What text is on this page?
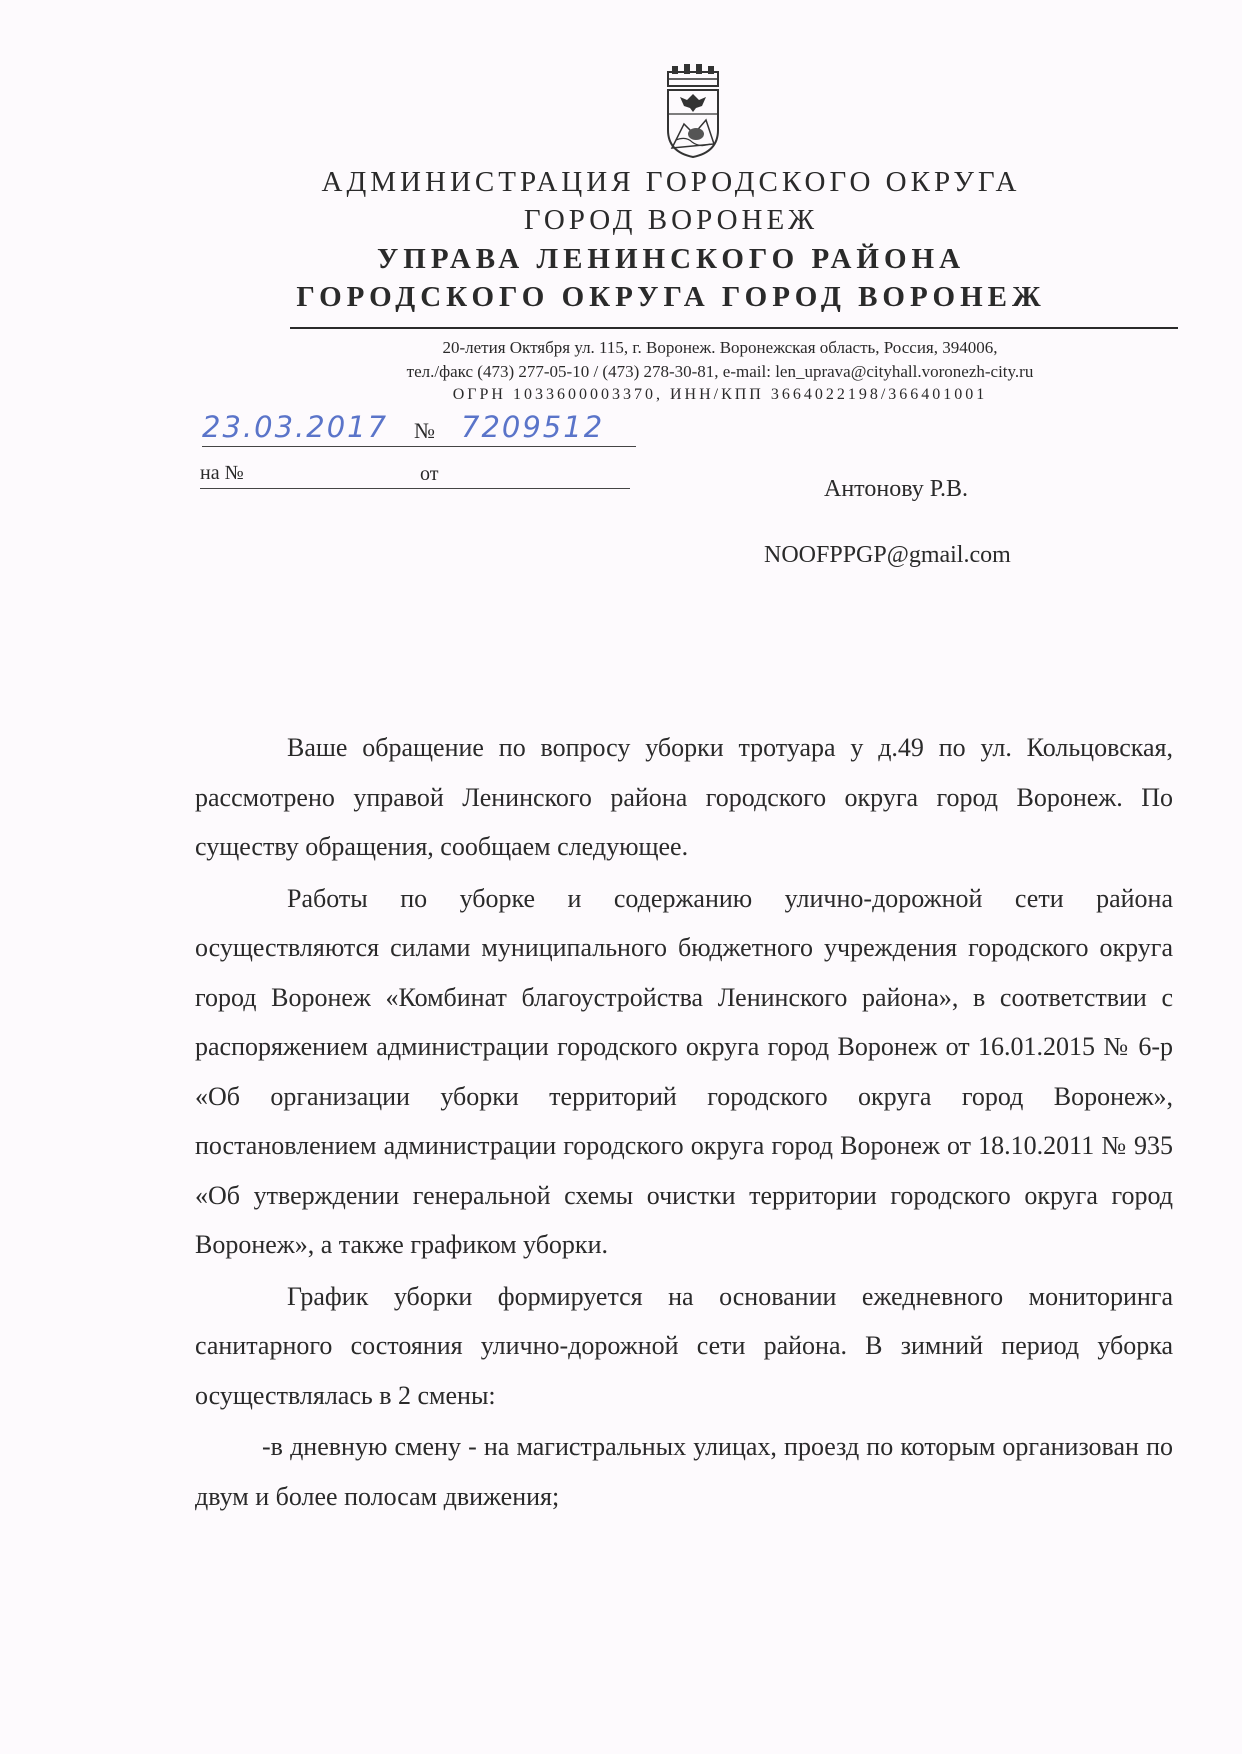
АДМИНИСТРАЦИЯ ГОРОДСКОГО ОКРУГА
ГОРОД ВОРОНЕЖ
УПРАВА ЛЕНИНСКОГО РАЙОНА
ГОРОДСКОГО ОКРУГА ГОРОД ВОРОНЕЖ
20-летия Октября ул. 115, г. Воронеж. Воронежская область, Россия, 394006,
тел./факс (473) 277-05-10 / (473) 278-30-81, e-mail: len_uprava@cityhall.voronezh-city.ru
ОГРН 1033600003370, ИНН/КПП 3664022198/366401001
23.03.2017 № 7209512
на №	от
Антонову Р.В.
NOOFPPGP@gmail.com

Ваше обращение по вопросу уборки тротуара у д.49 по ул. Кольцовская, рассмотрено управой Ленинского района городского округа город Воронеж. По существу обращения, сообщаем следующее.

Работы по уборке и содержанию улично-дорожной сети района осуществляются силами муниципального бюджетного учреждения городского округа город Воронеж «Комбинат благоустройства Ленинского района», в соответствии с распоряжением администрации городского округа город Воронеж от 16.01.2015 № 6-р «Об организации уборки территорий городского округа город Воронеж», постановлением администрации городского округа город Воронеж от 18.10.2011 № 935 «Об утверждении генеральной схемы очистки территории городского округа город Воронеж», а также графиком уборки.

График уборки формируется на основании ежедневного мониторинга санитарного состояния улично-дорожной сети района. В зимний период уборка осуществлялась в 2 смены:

-в дневную смену - на магистральных улицах, проезд по которым организован по двум и более полосам движения;
